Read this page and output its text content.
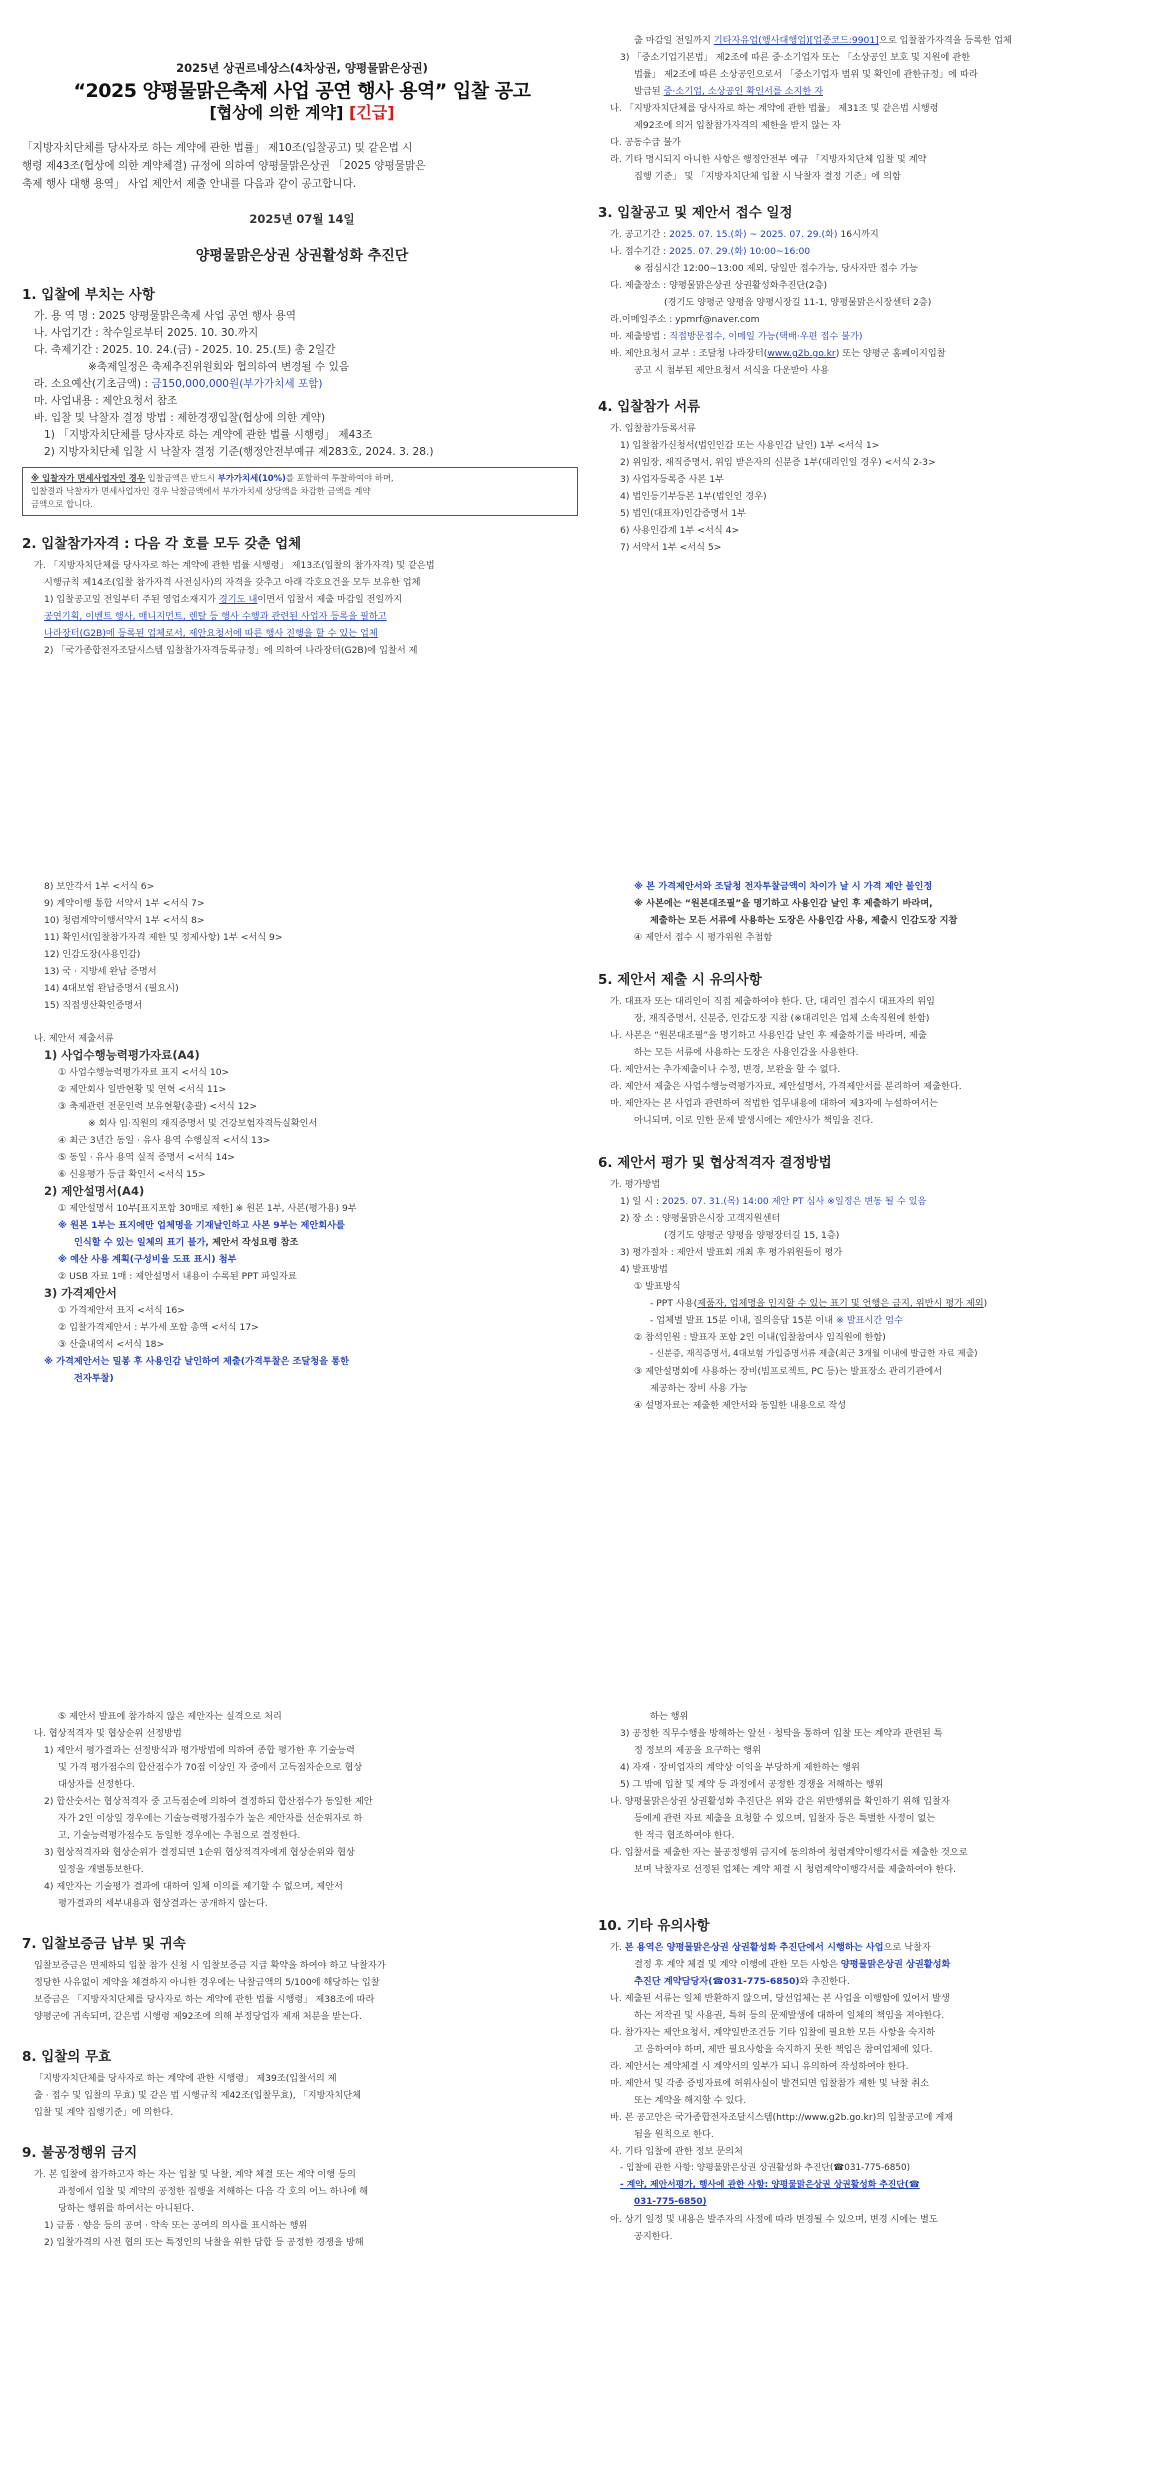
2025년 상권르네상스(4차상권, 양평물맑은상권)
“2025 양평물맑은축제 사업 공연 행사 용역” 입찰 공고
[협상에 의한 계약] [긴급]
「지방자치단체를 당사자로 하는 계약에 관한 법률」 제10조(입찰공고) 및 같은법 시
행령 제43조(협상에 의한 계약체결) 규정에 의하여 양평물맑은상권 「2025 양평물맑은
축제 행사 대행 용역」 사업 제안서 제출 안내를 다음과 같이 공고합니다.
2025년 07월 14일
양평물맑은상권 상권활성화 추진단
1. 입찰에 부치는 사항
가. 용 역 명 : 2025 양평물맑은축제 사업 공연 행사 용역
나. 사업기간 : 착수일로부터 2025. 10. 30.까지
다. 축제기간 : 2025. 10. 24.(금) - 2025. 10. 25.(토) 총 2일간
※축제일정은 축제추진위원회와 협의하여 변경될 수 있음
라. 소요예산(기초금액) : 금150,000,000원(부가가치세 포함)
마. 사업내용 : 제안요청서 참조
바. 입찰 및 낙찰자 결정 방법 : 제한경쟁입찰(협상에 의한 계약)
1) 「지방자치단체를 당사자로 하는 계약에 관한 법률 시행령」 제43조
2) 지방자치단체 입찰 시 낙찰자 결정 기준(행정안전부예규 제283호, 2024. 3. 28.)
※ 입찰자가 면세사업자인 경우 입찰금액은 반드시 부가가치세(10%)를 포함하여 투찰하여야 하며,
입찰결과 낙찰자가 면세사업자인 경우 낙찰금액에서 부가가치세 상당액을 차감한 금액을 계약
금액으로 합니다.
2. 입찰참가자격 : 다음 각 호를 모두 갖춘 업체
가. 「지방자치단체를 당사자로 하는 계약에 관한 법률 시행령」 제13조(입찰의 참가자격) 및 같은법
시행규칙 제14조(입찰 참가자격 사전심사)의 자격을 갖추고 아래 각호요건을 모두 보유한 업체
1) 입찰공고일 전일부터 주된 영업소재지가 경기도 내이면서 입찰서 제출 마감일 전일까지
공연기획, 이벤트 행사, 매니지먼트, 렌탈 등 행사 수행과 관련된 사업자 등록을 필하고
나라장터(G2B)에 등록된 업체로서, 제안요청서에 따른 행사 진행을 할 수 있는 업체
2) 「국가종합전자조달시스템 입찰참가자격등록규정」에 의하여 나라장터(G2B)에 입찰서 제
출 마감일 전일까지 기타자유업(행사대행업)[업종코드:9901]으로 입찰참가자격을 등록한 업체
3) 「중소기업기본법」 제2조에 따른 중·소기업자 또는 「소상공인 보호 및 지원에 관한
법률」 제2조에 따른 소상공인으로서 「중소기업자 범위 및 확인에 관한규정」에 따라
발급된 중·소기업, 소상공인 확인서를 소지한 자
나. 「지방자치단체를 당사자로 하는 계약에 관한 법률」 제31조 및 같은법 시행령
제92조에 의거 입찰참가자격의 제한을 받지 않는 자
다. 공동수급 불가
라. 기타 명시되지 아니한 사항은 행정안전부 예규 「지방자치단체 입찰 및 계약
집행 기준」 및 「지방자치단체 입찰 시 낙찰자 결정 기준」에 의함
3. 입찰공고 및 제안서 접수 일정
가. 공고기간 : 2025. 07. 15.(화) ~ 2025. 07. 29.(화) 16시까지
나. 접수기간 : 2025. 07. 29.(화) 10:00~16:00
※ 점심시간 12:00~13:00 제외, 당일만 접수가능, 당사자만 접수 가능
다. 제출장소 : 양평물맑은상권 상권활성화추진단(2층)
(경기도 양평군 양평읍 양평시장길 11-1, 양평물맑은시장센터 2층)
라.이메일주소 : ypmrf@naver.com
마. 제출방법 : 직접방문접수, 이메일 가능(택배·우편 접수 불가)
바. 제안요청서 교부 : 조달청 나라장터(www.g2b.go.kr) 또는 양평군 홈페이지입찰
공고 시 첨부된 제안요청서 서식을 다운받아 사용
4. 입찰참가 서류
가. 입찰참가등록서류
1) 입찰참가신청서(법인인감 또는 사용인감 날인) 1부 <서식 1>
2) 위임장, 재직증명서, 위임 받은자의 신분증 1부(대리인일 경우) <서식 2-3>
3) 사업자등록증 사본 1부
4) 법인등기부등본 1부(법인인 경우)
5) 법인(대표자)인감증명서 1부
6) 사용인감계 1부 <서식 4>
7) 서약서 1부 <서식 5>
8) 보안각서 1부 <서식 6>
9) 계약이행 통합 서약서 1부 <서식 7>
10) 청렴계약이행서약서 1부 <서식 8>
11) 확인서(입찰참가자격 제한 및 정제사항) 1부 <서식 9>
12) 인감도장(사용인감)
13) 국 · 지방세 완납 증명서
14) 4대보험 완납증명서 (필요시)
15) 직접생산확인증명서
나. 제안서 제출서류
1) 사업수행능력평가자료(A4)
① 사업수행능력평가자료 표지 <서식 10>
② 제안회사 일반현황 및 연혁 <서식 11>
③ 축제관련 전문인력 보유현황(총괄) <서식 12>
※ 회사 임·직원의 재직증명서 및 건강보험자격득실확인서
④ 최근 3년간 동일 · 유사 용역 수행실적 <서식 13>
⑤ 동일 · 유사 용역 실적 증명서 <서식 14>
⑥ 신용평가 등급 확인서 <서식 15>
2) 제안설명서(A4)
① 제안설명서 10부[표지포함 30매로 제한] ※ 원본 1부, 사본(평가용) 9부
※ 원본 1부는 표지에만 업체명을 기재날인하고 사본 9부는 제안회사를
인식할 수 있는 일체의 표기 불가, 제안서 작성요령 참조
※ 예산 사용 계획(구성비율 도표 표시) 첨부
② USB 자료 1매 : 제안설명서 내용이 수록된 PPT 파일자료
3) 가격제안서
① 가격제안서 표지 <서식 16>
② 입찰가격제안서 : 부가세 포함 총액 <서식 17>
③ 산출내역서 <서식 18>
※ 가격제안서는 밀봉 후 사용인감 날인하여 제출(가격투찰은 조달청을 통한
전자투찰)
※ 본 가격제안서와 조달청 전자투찰금액이 차이가 날 시 가격 제안 불인정
※ 사본에는 “원본대조필”을 명기하고 사용인감 날인 후 제출하기 바라며,
제출하는 모든 서류에 사용하는 도장은 사용인감 사용, 제출시 인감도장 지참
④ 제안서 접수 시 평가위원 추첨함
5. 제안서 제출 시 유의사항
가. 대표자 또는 대리인이 직접 제출하여야 한다. 단, 대리인 접수시 대표자의 위임
장, 재직증명서, 신분증, 인감도장 지참 (※대리인은 업체 소속직원에 한함)
나. 사본은 “원본대조필”을 명기하고 사용인감 날인 후 제출하기를 바라며, 제출
하는 모든 서류에 사용하는 도장은 사용인감을 사용한다.
다. 제안서는 추가제출이나 수정, 변경, 보완을 할 수 없다.
라. 제안서 제출은 사업수행능력평가자료, 제안설명서, 가격제안서를 분리하여 제출한다.
마. 제안자는 본 사업과 관련하여 적법한 업무내용에 대하여 제3자에 누설하여서는
아니되며, 이로 인한 문제 발생시에는 제안사가 책임을 진다.
6. 제안서 평가 및 협상적격자 결정방법
가. 평가방법
1) 일 시 : 2025. 07. 31.(목) 14:00 제안 PT 심사 ※일정은 변동 될 수 있음
2) 장 소 : 양평물맑은시장 고객지원센터
(경기도 양평군 양평읍 양평장터길 15, 1층)
3) 평가절차 : 제안서 발표회 개최 후 평가위원들이 평가
4) 발표방법
① 발표방식
- PPT 사용(제품자, 업체명을 인지할 수 있는 표기 및 언행은 금지, 위반시 평가 제외)
- 업체별 발표 15분 이내, 질의응답 15분 이내 ※ 발표시간 엄수
② 참석인원 : 발표자 포함 2인 이내(입찰참여사 임직원에 한함)
- 신분증, 재직증명서, 4대보험 가입증명서류 제출(최근 3개월 이내에 발급한 자료 제출)
③ 제안설명회에 사용하는 장비(빔프로젝트, PC 등)는 발표장소 관리기관에서
제공하는 장비 사용 가능
④ 설명자료는 제출한 제안서와 동일한 내용으로 작성
⑤ 제안서 발표에 참가하지 않은 제안자는 실격으로 처리
나. 협상적격자 및 협상순위 선정방법
1) 제안서 평가결과는 선정방식과 평가방법에 의하여 종합 평가한 후 기술능력
및 가격 평가점수의 합산점수가 70점 이상인 자 중에서 고득점자순으로 협상
대상자를 선정한다.
2) 합산숫서는 협상적격자 중 고득점순에 의하여 결정하되 합산점수가 동일한 제안
자가 2인 이상일 경우에는 기술능력평가점수가 높은 제안자를 선순위자로 하
고, 기술능력평가점수도 동일한 경우에는 추첨으로 결정한다.
3) 협상적격자와 협상순위가 결정되면 1순위 협상적격자에게 협상순위와 협상
일정을 개별통보한다.
4) 제안자는 기술평가 결과에 대하여 일체 이의를 제기할 수 없으며, 제안서
평가결과의 세부내용과 협상결과는 공개하지 않는다.
7. 입찰보증금 납부 및 귀속
입찰보증금은 면제하되 입찰 참가 신청 시 입찰보증금 지급 확약을 하여야 하고 낙찰자가
정당한 사유없이 계약을 체결하지 아니한 경우에는 낙찰금액의 5/100에 해당하는 입찰
보증금은 「지방자치단체를 당사자로 하는 계약에 관한 법률 시행령」 제38조에 따라
양평군에 귀속되며, 같은법 시행령 제92조에 의해 부정당업자 제재 처분을 받는다.
8. 입찰의 무효
「지방자치단체를 당사자로 하는 계약에 관한 시행령」 제39조(입찰서의 제
출 · 접수 및 입찰의 무효) 및 같은 법 시행규칙 제42조(입찰무효), 「지방자치단체
입찰 및 계약 집행기준」에 의한다.
9. 불공정행위 금지
가. 본 입찰에 참가하고자 하는 자는 입찰 및 낙찰, 계약 체결 또는 계약 이행 등의
과정에서 입찰 및 계약의 공정한 집행을 저해하는 다음 각 호의 어느 하나에 해
당하는 행위를 하여서는 아니된다.
1) 금품 · 향응 등의 공여 · 약속 또는 공여의 의사를 표시하는 행위
2) 입찰가격의 사전 협의 또는 특정인의 낙찰을 위한 담합 등 공정한 경쟁을 방해
하는 행위
3) 공정한 직무수행을 방해하는 알선 · 청탁을 통하여 입찰 또는 계약과 관련된 특
정 정보의 제공을 요구하는 행위
4) 자재 · 장비업자의 계약상 이익을 부당하게 제한하는 행위
5) 그 밖에 입찰 및 계약 등 과정에서 공정한 경쟁을 저해하는 행위
나. 양평물맑은상권 상권활성화 추진단은 위와 같은 위반행위를 확인하기 위해 입찰자
등에게 관련 자료 제출을 요청할 수 있으며, 입찰자 등은 특별한 사정이 없는
한 적극 협조하여야 한다.
다. 입찰서를 제출한 자는 불공정행위 금지에 동의하여 청렴계약이행각서를 제출한 것으로
보며 낙찰자로 선정된 업체는 계약 체결 시 청렴계약이행각서를 제출하여야 한다.
10. 기타 유의사항
가. 본 용역은 양평물맑은상권 상권활성화 추진단에서 시행하는 사업으로 낙찰자
결정 후 계약 체결 및 계약 이행에 관한 모든 사항은 양평물맑은상권 상권활성화
추진단 계약담당자(☎031-775-6850)와 추진한다.
나. 제출된 서류는 일체 반환하지 않으며, 당선업체는 본 사업을 이행함에 있어서 발생
하는 저작권 및 사용권, 특허 등의 문제발생에 대하여 일체의 책임을 져야한다.
다. 참가자는 제안요청서, 계약일반조건등 기타 입찰에 필요한 모든 사항을 숙지하
고 응하여야 하며, 제반 필요사항을 숙지하지 못한 책임은 참여업체에 있다.
라. 제안서는 계약체결 시 계약서의 일부가 되니 유의하여 작성하여야 한다.
마. 제안서 및 각종 증빙자료에 허위사실이 발견되면 입찰참가 제한 및 낙찰 취소
또는 계약을 해지할 수 있다.
바. 본 공고안은 국가종합전자조달시스템(http://www.g2b.go.kr)의 입찰공고에 게재
됨을 원칙으로 한다.
사. 기타 입찰에 관한 정보 문의처
- 입찰에 관한 사항: 양평물맑은상권 상권활성화 추진단(☎031-775-6850)
- 계약, 제안서평가, 행사에 관한 사항: 양평물맑은상권 상권활성화 추진단(☎
031-775-6850)
아. 상기 일정 및 내용은 발주자의 사정에 따라 변경될 수 있으며, 변경 시에는 별도
공지한다.
